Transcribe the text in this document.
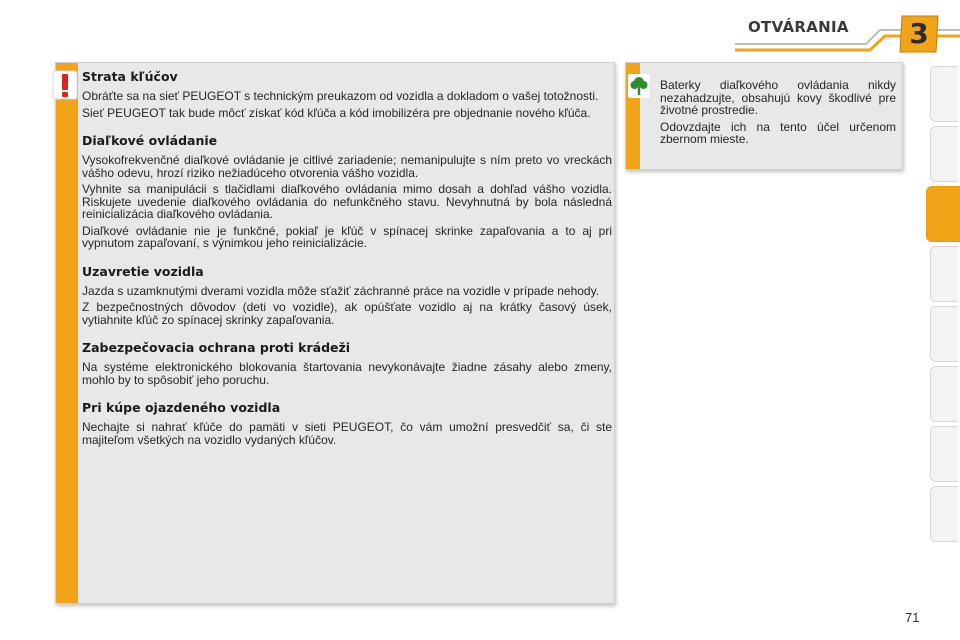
OTVÁRANIA	3
Strata kľúčov

Obráťte sa na sieť PEUGEOT s technickým preukazom od vozidla a dokladom o vašej totožnosti.

Sieť PEUGEOT tak bude môcť získať kód kľúča a kód imobilizéra pre objednanie nového kľúča.

Diaľkové ovládanie

Vysokofrekvenčné diaľkové ovládanie je citlivé zariadenie; nemanipulujte s ním preto vo vreckách vášho odevu, hrozí riziko nežiadúceho otvorenia vášho vozidla.

Vyhnite sa manipulácii s tlačidlami diaľkového ovládania mimo dosah a dohľad vášho vozidla. Riskujete uvedenie diaľkového ovládania do nefunkčného stavu. Nevyhnutná by bola následná reinicializácia diaľkového ovládania.

Diaľkové ovládanie nie je funkčné, pokiaľ je kľúč v spínacej skrinke zapaľovania a to aj pri vypnutom zapaľovaní, s výnimkou jeho reinicializácie.

Uzavretie vozidla

Jazda s uzamknutými dverami vozidla môže sťažiť záchranné práce na vozidle v prípade nehody.

Z bezpečnostných dôvodov (deti vo vozidle), ak opúšťate vozidlo aj na krátky časový úsek, vytiahnite kľúč zo spínacej skrinky zapaľovania.

Zabezpečovacia ochrana proti krádeži

Na systéme elektronického blokovania štartovania nevykonávajte žiadne zásahy alebo zmeny, mohlo by to spôsobiť jeho poruchu.

Pri kúpe ojazdeného vozidla

Nechajte si nahrať kľúče do pamäti v sieti PEUGEOT, čo vám umožní presvedčiť sa, či ste majiteľom všetkých na vozidlo vydaných kľúčov.

Baterky diaľkového ovládania nikdy nezahadzujte, obsahujú kovy škodlivé pre životné prostredie.

Odovzdajte ich na tento účel určenom zbernom mieste.

71
